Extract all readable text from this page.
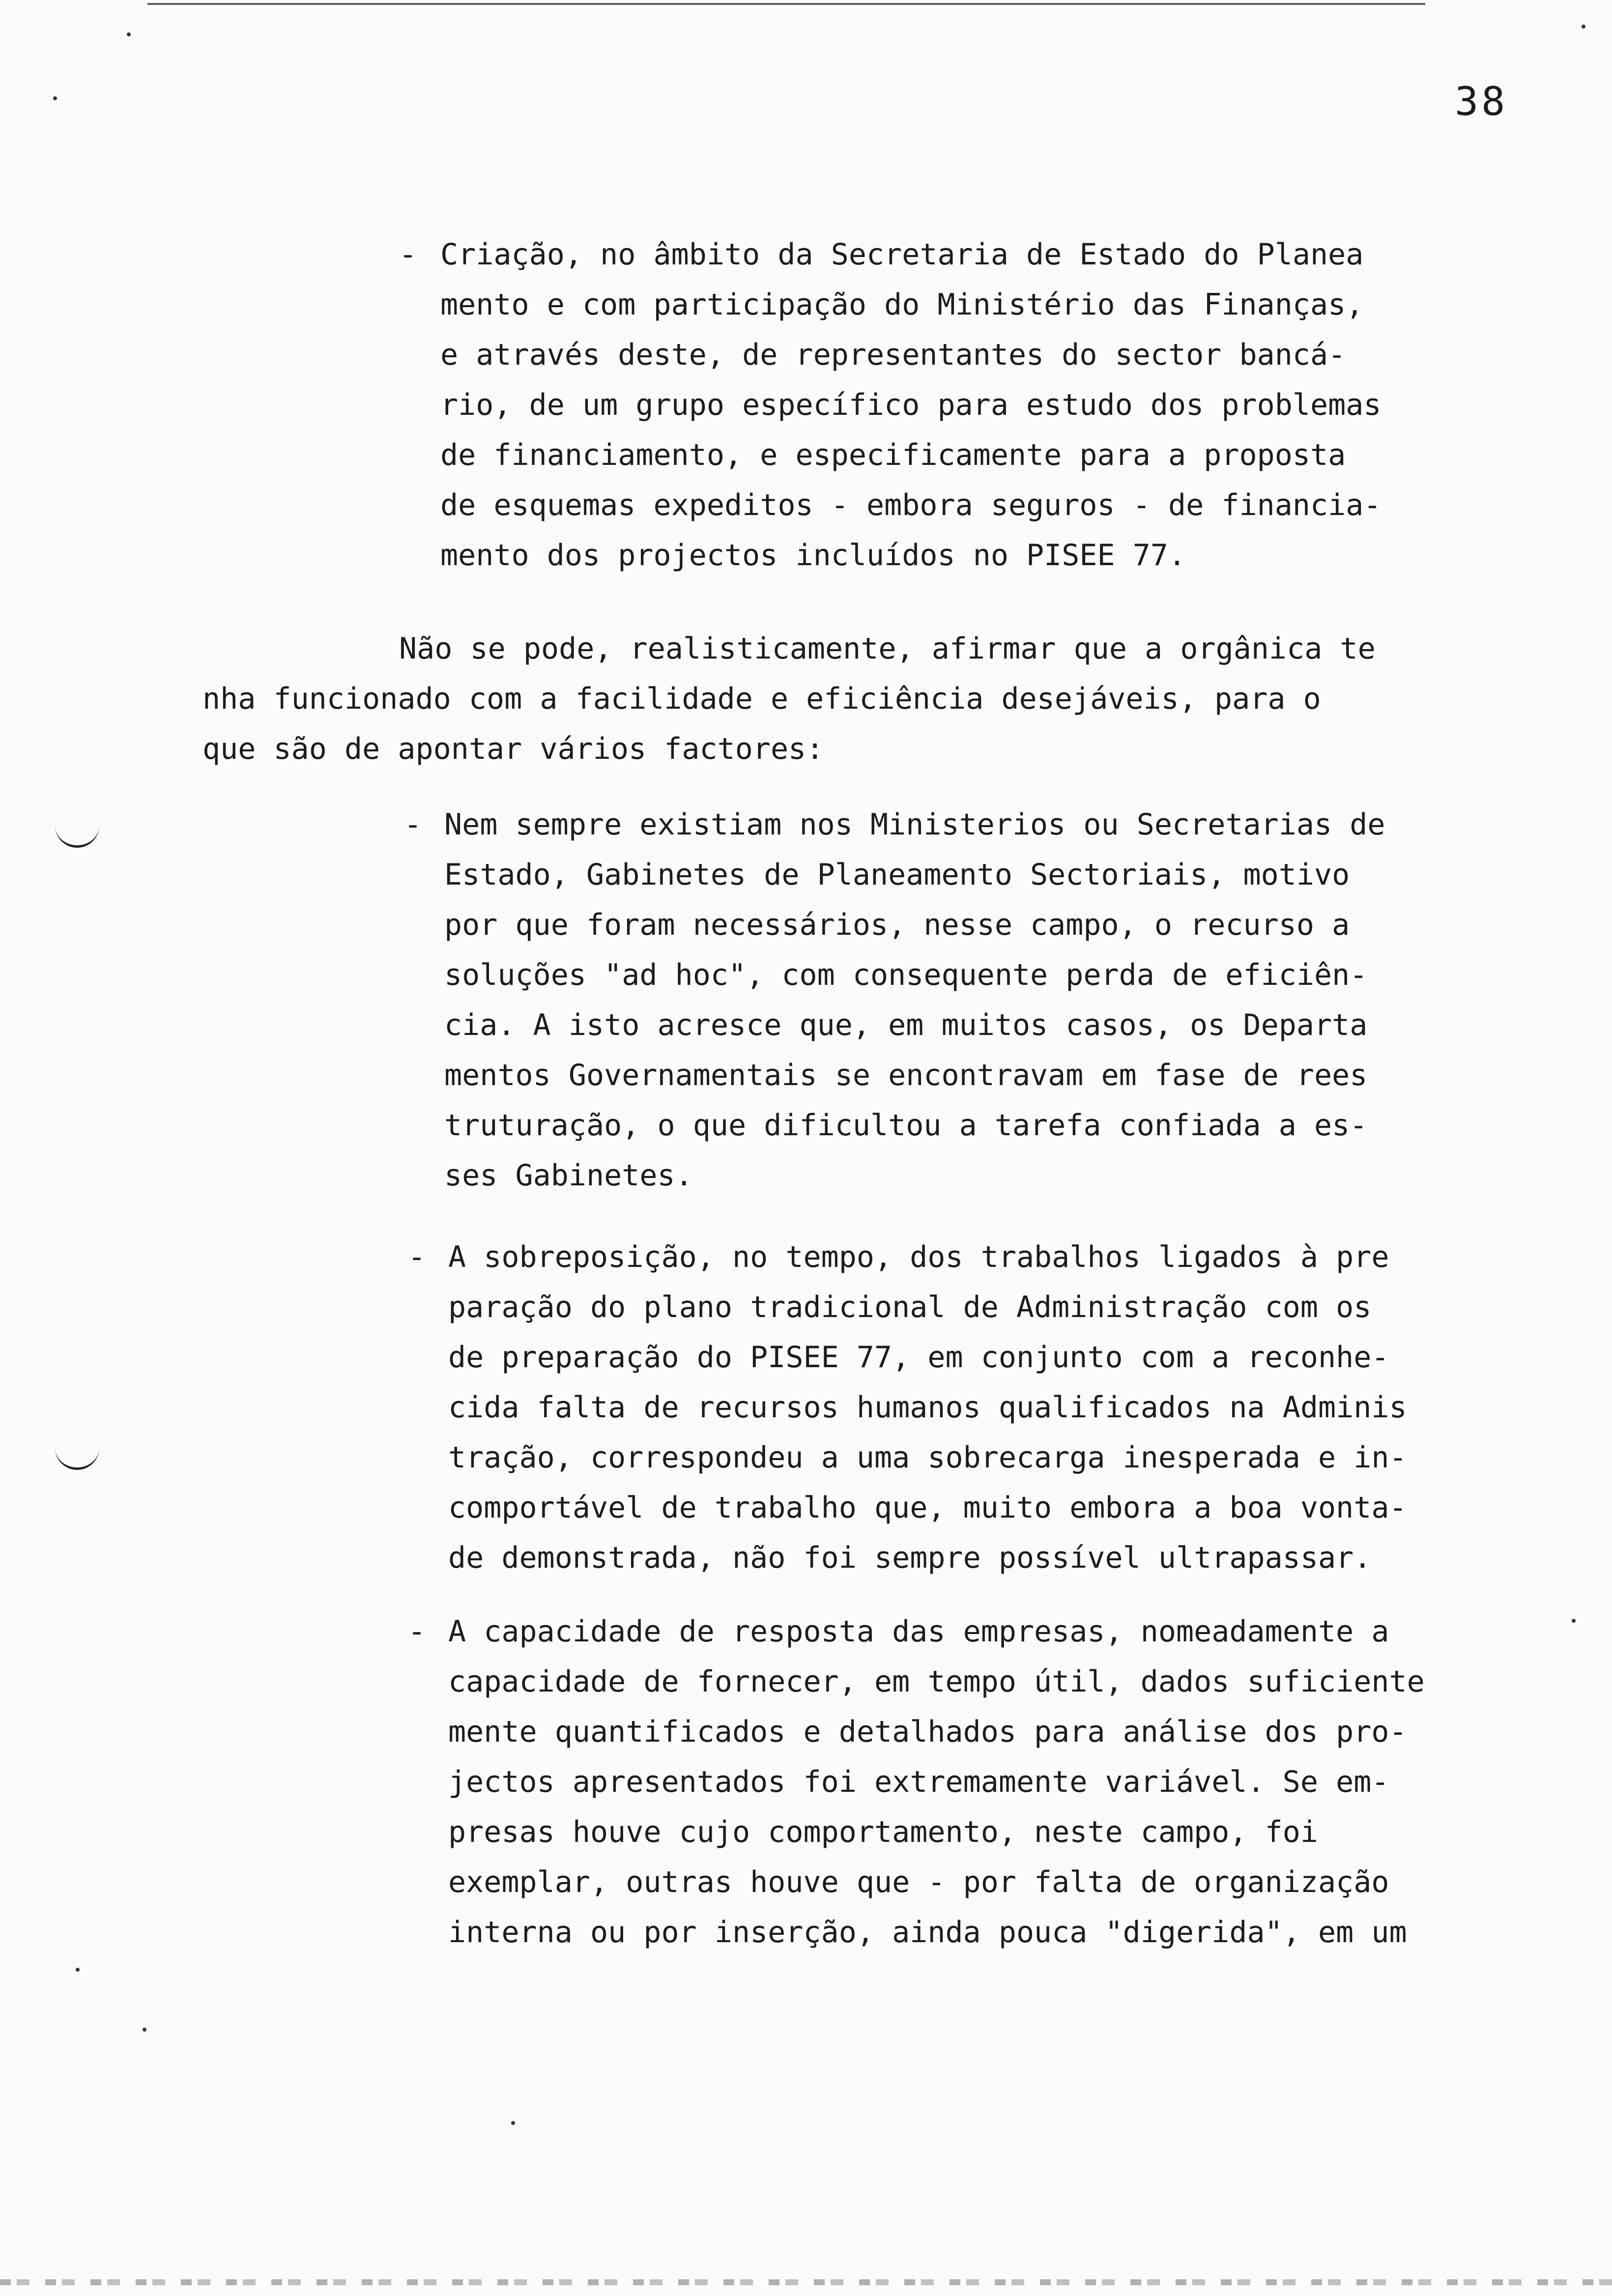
38
- Criação, no âmbito da Secretaria de Estado do Planea
mento e com participação do Ministério das Finanças,
e através deste, de representantes do sector bancá-
rio, de um grupo específico para estudo dos problemas
de financiamento, e especificamente para a proposta
de esquemas expeditos - embora seguros - de financia-
mento dos projectos incluídos no PISEE 77.
Não se pode, realisticamente, afirmar que a orgânica te
nha funcionado com a facilidade e eficiência desejáveis, para o
que são de apontar vários factores:
- Nem sempre existiam nos Ministerios ou Secretarias de
Estado, Gabinetes de Planeamento Sectoriais, motivo
por que foram necessários, nesse campo, o recurso a
soluções "ad hoc", com consequente perda de eficiên-
cia. A isto acresce que, em muitos casos, os Departa
mentos Governamentais se encontravam em fase de rees
truturação, o que dificultou a tarefa confiada a es-
ses Gabinetes.
- A sobreposição, no tempo, dos trabalhos ligados à pre
paração do plano tradicional de Administração com os
de preparação do PISEE 77, em conjunto com a reconhe-
cida falta de recursos humanos qualificados na Adminis
tração, correspondeu a uma sobrecarga inesperada e in-
comportável de trabalho que, muito embora a boa vonta-
de demonstrada, não foi sempre possível ultrapassar.
- A capacidade de resposta das empresas, nomeadamente a
capacidade de fornecer, em tempo útil, dados suficiente
mente quantificados e detalhados para análise dos pro-
jectos apresentados foi extremamente variável. Se em-
presas houve cujo comportamento, neste campo, foi
exemplar, outras houve que - por falta de organização
interna ou por inserção, ainda pouca "digerida", em um
